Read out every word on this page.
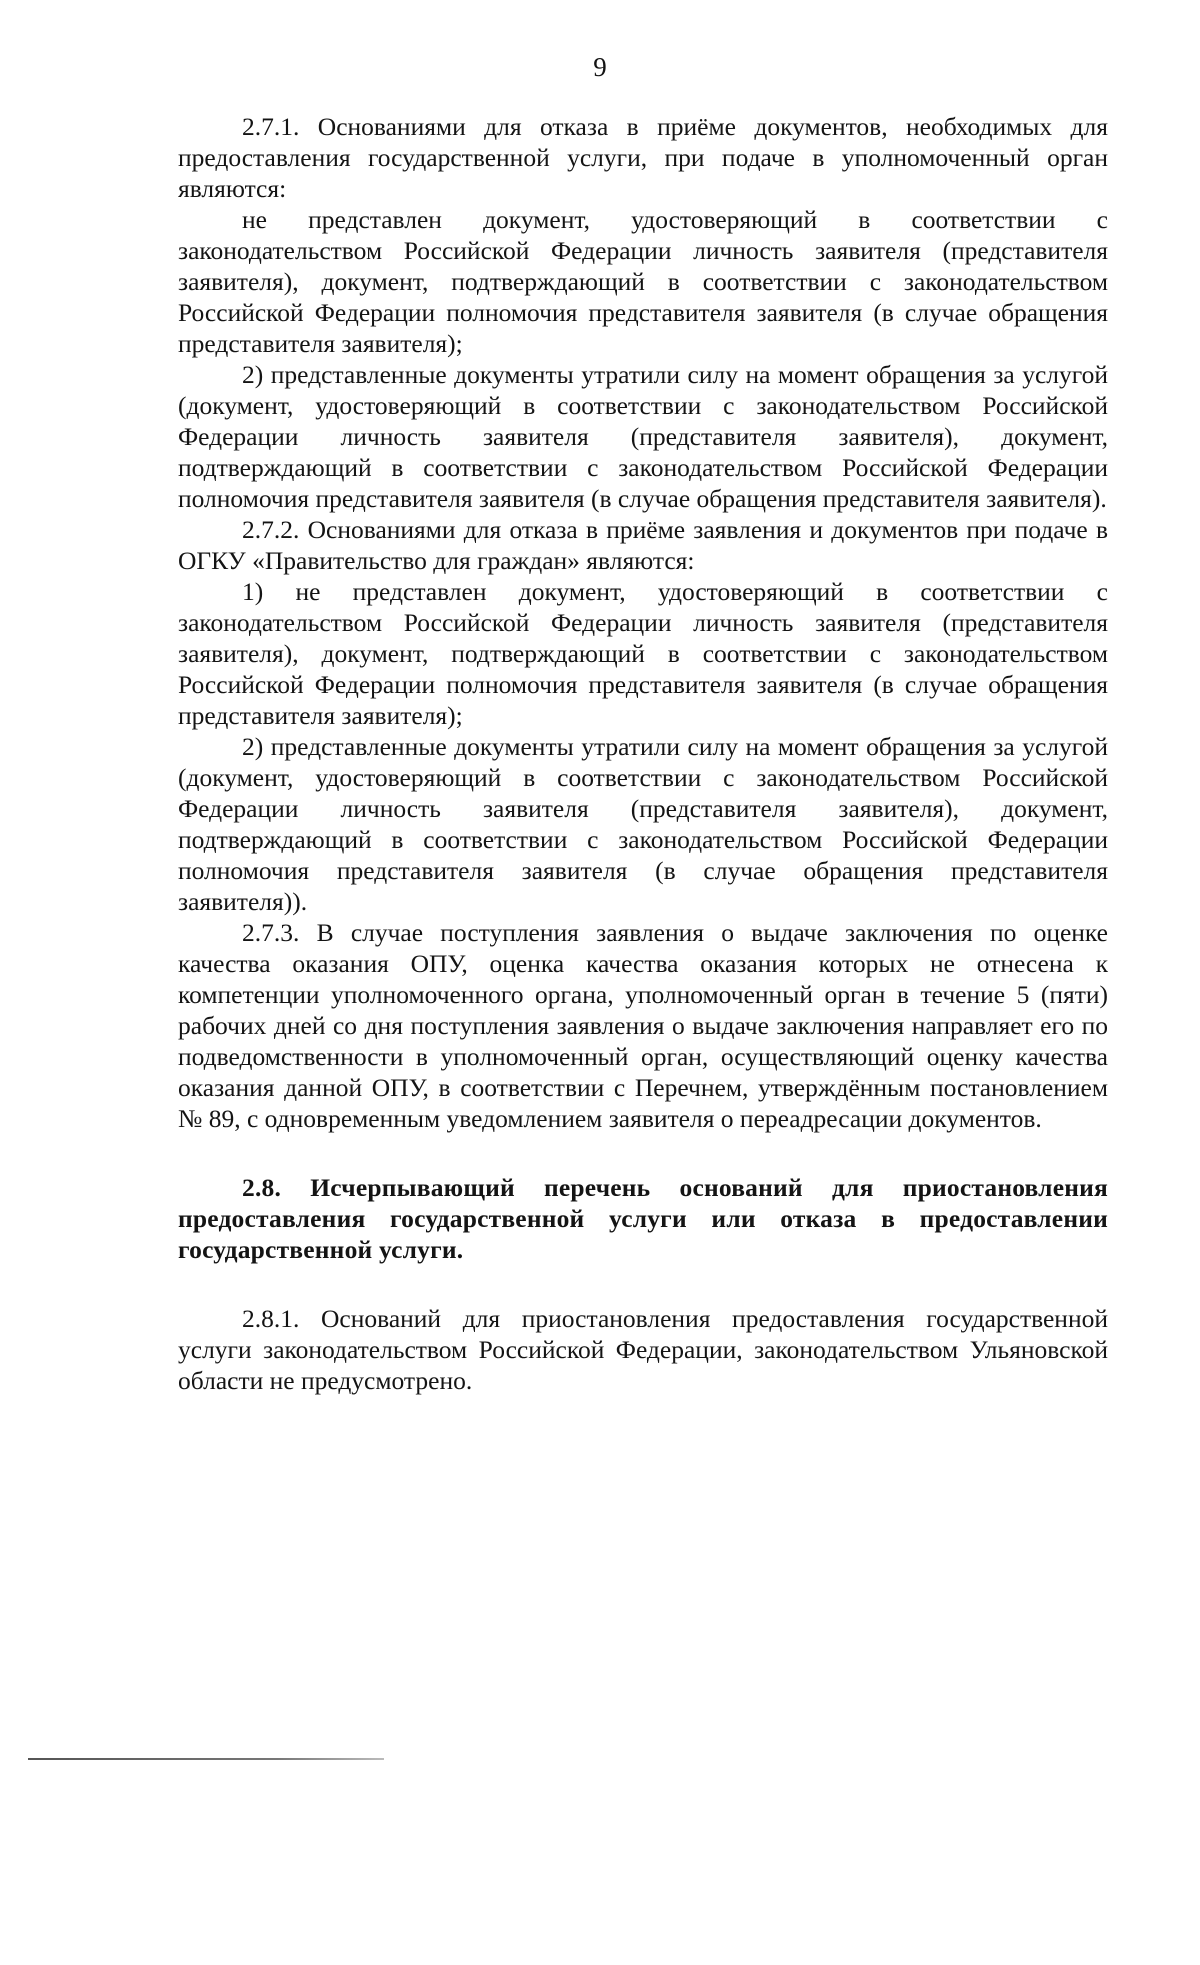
9

2.7.1. Основаниями для отказа в приёме документов, необходимых для предоставления государственной услуги, при подаче в уполномоченный орган являются:

не представлен документ, удостоверяющий в соответствии с законодательством Российской Федерации личность заявителя (представителя заявителя), документ, подтверждающий в соответствии с законодательством Российской Федерации полномочия представителя заявителя (в случае обращения представителя заявителя);

2) представленные документы утратили силу на момент обращения за услугой (документ, удостоверяющий в соответствии с законодательством Российской Федерации личность заявителя (представителя заявителя), документ, подтверждающий в соответствии с законодательством Российской Федерации полномочия представителя заявителя (в случае обращения представителя заявителя).

2.7.2. Основаниями для отказа в приёме заявления и документов при подаче в ОГКУ «Правительство для граждан» являются:

1) не представлен документ, удостоверяющий в соответствии с законодательством Российской Федерации личность заявителя (представителя заявителя), документ, подтверждающий в соответствии с законодательством Российской Федерации полномочия представителя заявителя (в случае обращения представителя заявителя);

2) представленные документы утратили силу на момент обращения за услугой (документ, удостоверяющий в соответствии с законодательством Российской Федерации личность заявителя (представителя заявителя), документ, подтверждающий в соответствии с законодательством Российской Федерации полномочия представителя заявителя (в случае обращения представителя заявителя)).

2.7.3. В случае поступления заявления о выдаче заключения по оценке качества оказания ОПУ, оценка качества оказания которых не отнесена к компетенции уполномоченного органа, уполномоченный орган в течение 5 (пяти) рабочих дней со дня поступления заявления о выдаче заключения направляет его по подведомственности в уполномоченный орган, осуществляющий оценку качества оказания данной ОПУ, в соответствии с Перечнем, утверждённым постановлением № 89, с одновременным уведомлением заявителя о переадресации документов.

2.8. Исчерпывающий перечень оснований для приостановления предоставления государственной услуги или отказа в предоставлении государственной услуги.

2.8.1. Оснований для приостановления предоставления государственной услуги законодательством Российской Федерации, законодательством Ульяновской области не предусмотрено.
